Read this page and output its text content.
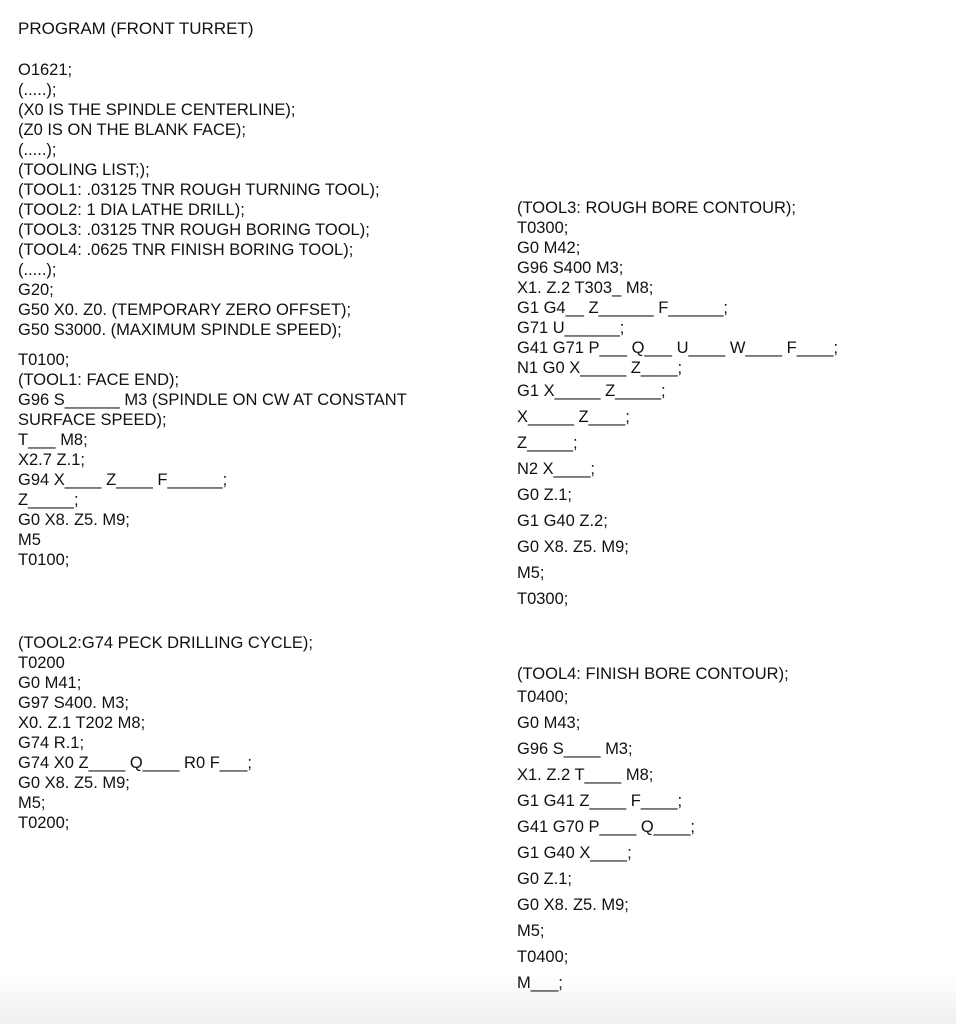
PROGRAM (FRONT TURRET)
O1621;
(.....);
(X0 IS THE SPINDLE CENTERLINE);
(Z0 IS ON THE BLANK FACE);
(.....);
(TOOLING LIST;);
(TOOL1: .03125 TNR ROUGH TURNING TOOL);
(TOOL2: 1 DIA LATHE DRILL);
(TOOL3: .03125 TNR ROUGH BORING TOOL);
(TOOL4: .0625 TNR FINISH BORING TOOL);
(.....);
G20;
G50 X0. Z0. (TEMPORARY ZERO OFFSET);
G50 S3000. (MAXIMUM SPINDLE SPEED);
T0100;
(TOOL1: FACE END);
G96 S______ M3 (SPINDLE ON CW AT CONSTANT
SURFACE SPEED);
T___ M8;
X2.7 Z.1;
G94 X____ Z____ F______;
Z_____;
G0 X8. Z5. M9;
M5
T0100;
(TOOL2:G74 PECK DRILLING CYCLE);
T0200
G0 M41;
G97 S400. M3;
X0. Z.1 T202 M8;
G74 R.1;
G74 X0 Z____ Q____ R0 F___;
G0 X8. Z5. M9;
M5;
T0200;
(TOOL3: ROUGH BORE CONTOUR);
T0300;
G0 M42;
G96 S400 M3;
X1. Z.2 T303_ M8;
G1 G4__ Z______ F______;
G71 U______;
G41 G71 P___ Q___ U____ W____ F____;
N1 G0 X_____ Z____;
G1 X_____ Z_____;
X_____ Z____;
Z_____;
N2 X____;
G0 Z.1;
G1 G40 Z.2;
G0 X8. Z5. M9;
M5;
T0300;
(TOOL4: FINISH BORE CONTOUR);
T0400;
G0 M43;
G96 S____ M3;
X1. Z.2 T____ M8;
G1 G41 Z____ F____;
G41 G70 P____ Q____;
G1 G40 X____;
G0 Z.1;
G0 X8. Z5. M9;
M5;
T0400;
M___;
